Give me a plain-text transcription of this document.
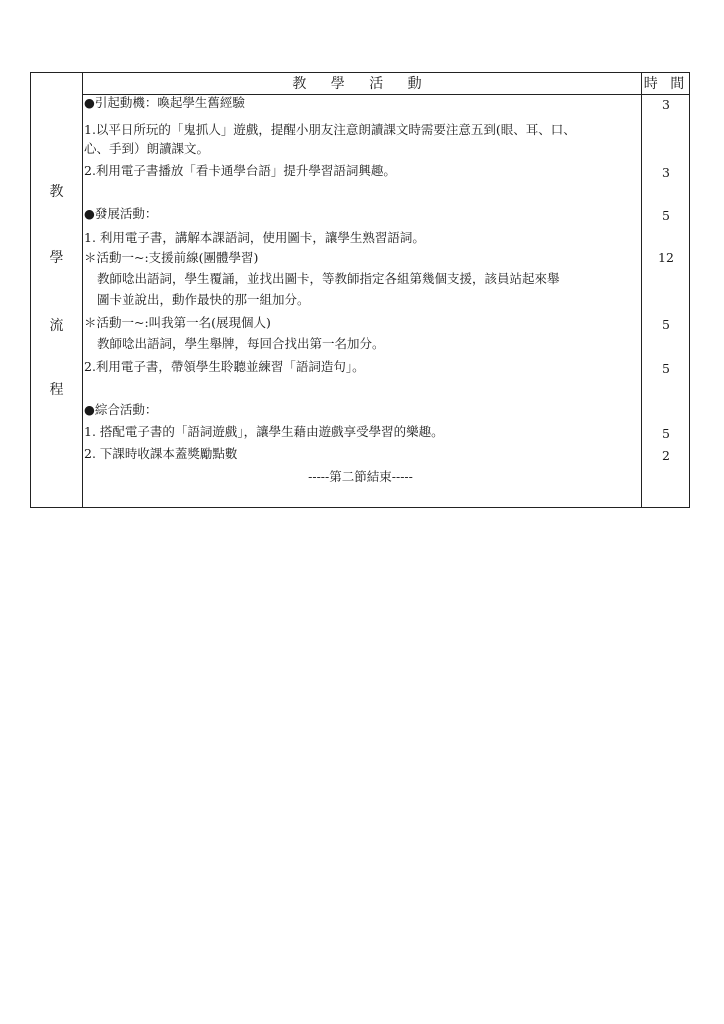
教 學 活 動	時 間
教
學
流
程
●引起動機：喚起學生舊經驗	3
1.以平日所玩的「鬼抓人」遊戲，提醒小朋友注意朗讀課文時需要注意五到(眼、耳、口、
心、手到）朗讀課文。
2.利用電子書播放「看卡通學台語」提升學習語詞興趣。	3
●發展活動：	5
1. 利用電子書，講解本課語詞，使用圖卡，讓學生熟習語詞。
＊活動一~:支援前線(團體學習)	12
教師唸出語詞，學生覆誦，並找出圖卡，等教師指定各組第幾個支援，該員站起來舉
圖卡並說出，動作最快的那一組加分。
＊活動一~:叫我第一名(展現個人)	5
教師唸出語詞，學生舉牌，每回合找出第一名加分。
2.利用電子書，帶領學生聆聽並練習「語詞造句」。	5
●綜合活動：
1. 搭配電子書的「語詞遊戲」，讓學生藉由遊戲享受學習的樂趣。	5
2. 下課時收課本蓋獎勵點數	2
-----第二節結束-----
